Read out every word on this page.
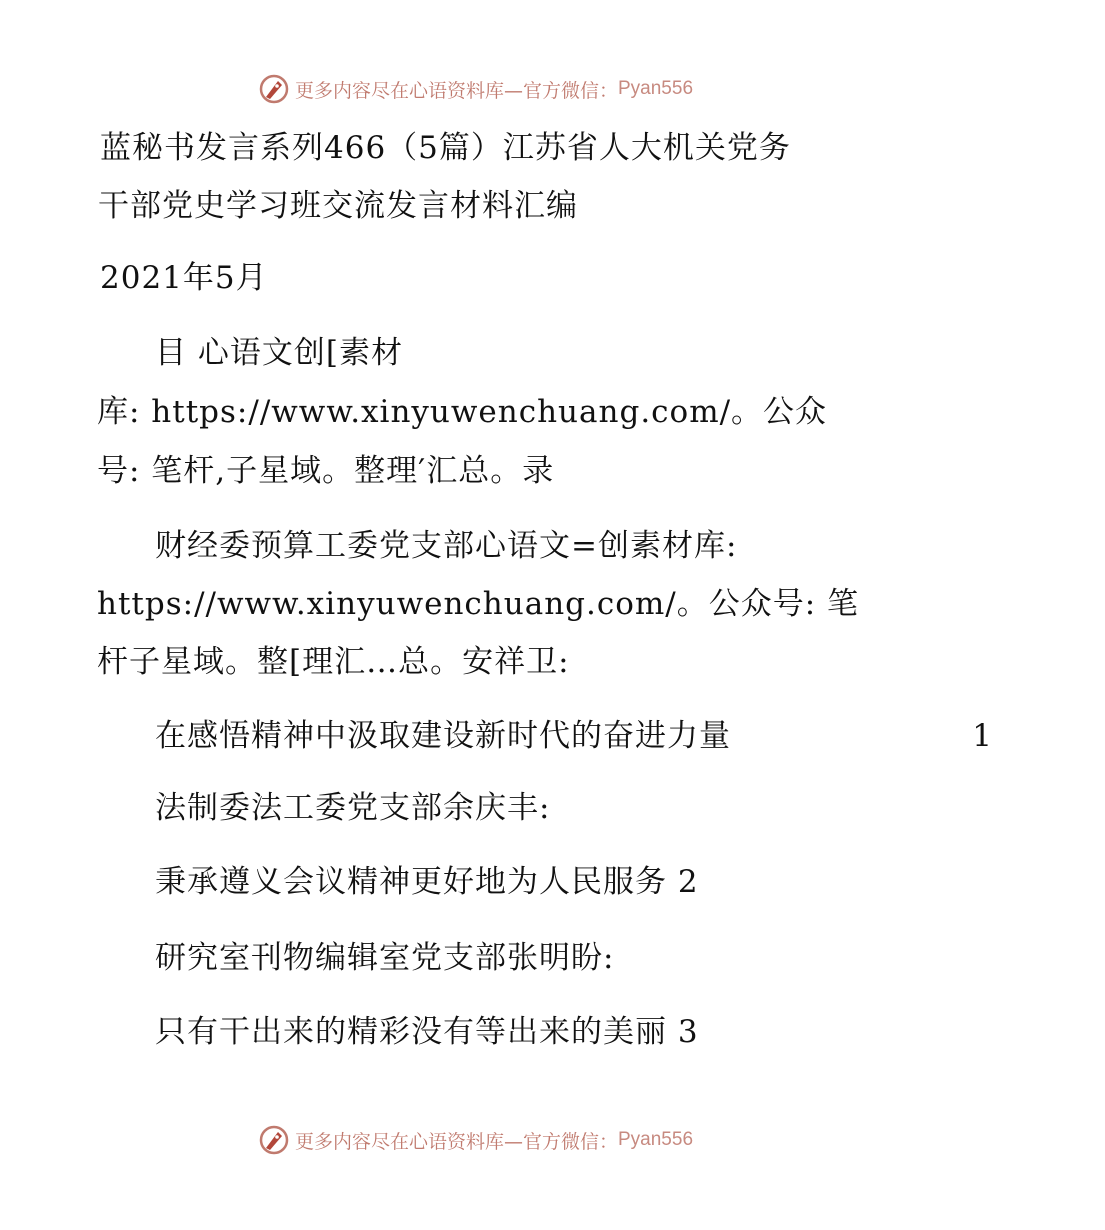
更多内容尽在心语资料库—官方微信： Pyan556
蓝秘书发言系列466（5篇）江苏省人大机关党务
干部党史学习班交流发言材料汇编
2021年5月
目 心语文创[素材
库: https://www.xinyuwenchuang.com/。公众
号: 笔杆,子星域。整理′汇总。录
财经委预算工委党支部心语文=创素材库:
https://www.xinyuwenchuang.com/。公众号: 笔
杆子星域。整[理汇…总。安祥卫:
在感悟精神中汲取建设新时代的奋进力量	1
法制委法工委党支部余庆丰:
秉承遵义会议精神更好地为人民服务 2
研究室刊物编辑室党支部张明盼:
只有干出来的精彩没有等出来的美丽 3
更多内容尽在心语资料库—官方微信： Pyan556
